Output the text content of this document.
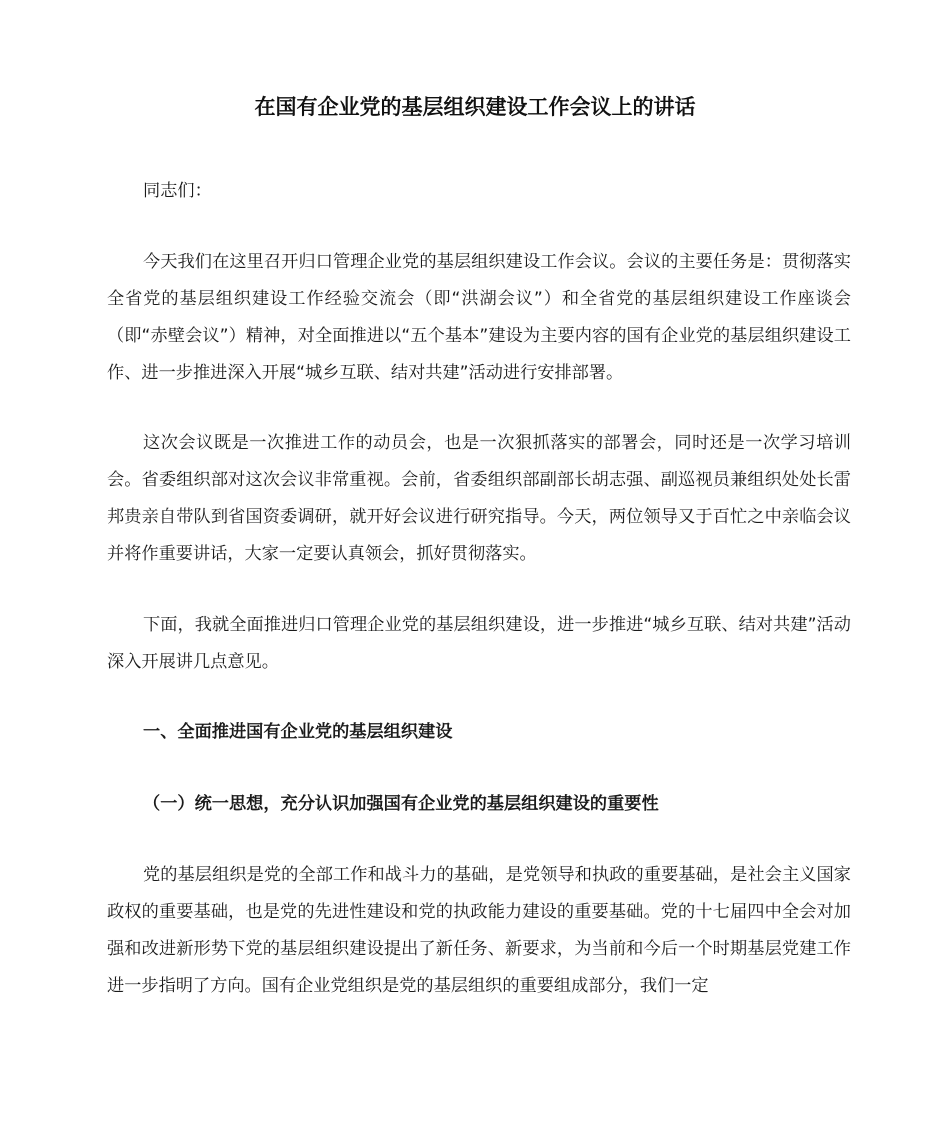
在国有企业党的基层组织建设工作会议上的讲话

同志们：

今天我们在这里召开归口管理企业党的基层组织建设工作会议。会议的主要任务是：贯彻落实全省党的基层组织建设工作经验交流会（即“洪湖会议”）和全省党的基层组织建设工作座谈会（即“赤壁会议”）精神，对全面推进以“五个基本”建设为主要内容的国有企业党的基层组织建设工作、进一步推进深入开展“城乡互联、结对共建”活动进行安排部署。

这次会议既是一次推进工作的动员会，也是一次狠抓落实的部署会，同时还是一次学习培训会。省委组织部对这次会议非常重视。会前，省委组织部副部长胡志强、副巡视员兼组织处处长雷邦贵亲自带队到省国资委调研，就开好会议进行研究指导。今天，两位领导又于百忙之中亲临会议并将作重要讲话，大家一定要认真领会，抓好贯彻落实。

下面，我就全面推进归口管理企业党的基层组织建设，进一步推进“城乡互联、结对共建”活动深入开展讲几点意见。

一、全面推进国有企业党的基层组织建设

（一）统一思想，充分认识加强国有企业党的基层组织建设的重要性

党的基层组织是党的全部工作和战斗力的基础，是党领导和执政的重要基础，是社会主义国家政权的重要基础，也是党的先进性建设和党的执政能力建设的重要基础。党的十七届四中全会对加强和改进新形势下党的基层组织建设提出了新任务、新要求，为当前和今后一个时期基层党建工作进一步指明了方向。国有企业党组织是党的基层组织的重要组成部分，我们一定
